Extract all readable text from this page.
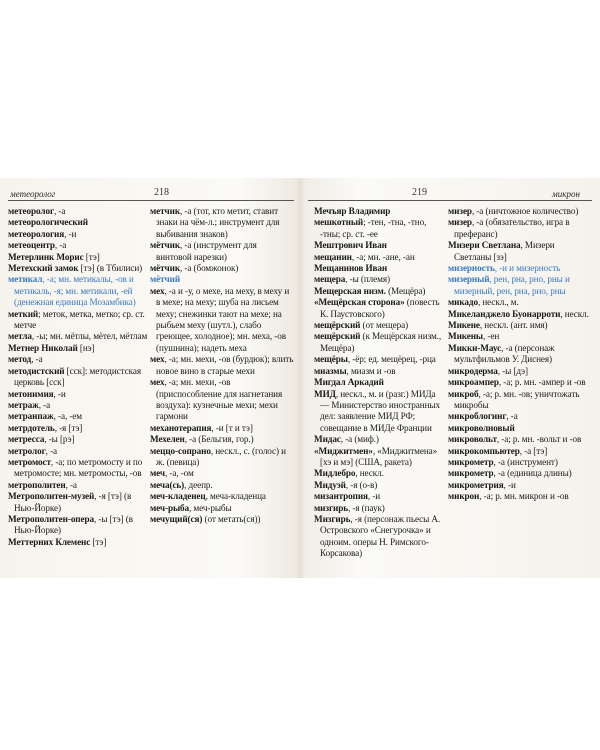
метеоролог	218

метеоролог, -а

метеорологический

метеорология, -и

метеоцентр, -а

Метерлинк Морис [тэ]

Метехский замок [тэ] (в Тбилиси)

метикал, -а; мн. метикалы, -ов и метикаль, -я; мн. метикали, -ей (денежная единица Мозамбика)

меткий; меток, метка, метко; ср. ст. метче

метла, -ы; мн. мётлы, мётел, мётлам

Метнер Николай [нэ]

метод, -а

методистский [сск]: методистская церковь [сск]

метонимия, -и

метраж, -а

метранпаж, -а, -ем

метрдотель, -я [тэ]

метресса, -ы [рэ]

метролог, -а

метромост, -а; по метромосту и по метромосте; мн. метромосты, -ов

метрополитен, -а

Метрополитен-музей, -я [тэ] (в Нью-Йорке)

Метрополитен-опера, -ы [тэ] (в Нью-Йорке)

Меттерних Клеменс [тэ]

метчик, -а (тот, кто метит, ставит знаки на чём-л.; инструмент для выбивания знаков)

мётчик, -а (инструмент для винтовой нарезки)

мётчик, -а (бомжонок)

мётчий

мех, -а и -у, о мехе, на меху, в меху и в мехе; на меху; шуба на лисьем меху; снежинки тают на мехе; на рыбьем меху (шутл.), слабо греющее, холодное); мн. меха, -ов (пушнина); надеть меха

мех, -а; мн. мехи, -ов (бурдюк); влить новое вино в старые мехи

мех, -а; мн. мехи, -ов (приспособление для нагнетания воздуха): кузнечные мехи; мехи гармони

механотерапия, -и [т и тэ]

Мехелен, -а (Бельгия, гор.)

меццо-сопрано, нескл., с. (голос) и ж. (певица)

меч, -а, -ом

меча(сь), деепр.

меч-кладенец, меча-кладенца

меч-рыба, меч-рыбы

мечущий(ся) (от метать(ся))

219	микрон

Мечъяр Владимир

мешкотный; -тен, -тна, -тно, -тны; ср. ст. -ее

Мештрович Иван

мещанин, -а; мн. -ане, -ан

Мещанинов Иван

мещера, -ы (племя)

Мещерская низм. (Мещёра)

«Мещёрская сторона» (повесть К. Паустовского)

мещёрский (от мещера)

мещёрский (к Мещёрская низм., Мещёра)

мещёры, -ёр; ед. мещёрец, -рца

миазмы, миазм и -ов

Мигдал Аркадий

МИД, нескл., м. и (разг.) МИДа — Министерство иностранных дел: заявление МИД РФ; совещание в МИДе Франции

Мидас, -а (миф.)

«Миджитмен», «Миджитмена» [хэ и мэ] (США, ракета)

Мидлебро, нескл.

Мидуэй, -я (о-в)

мизантропия, -и

мизгирь, -я (паук)

Мизгирь, -я (персонаж пьесы А. Островского «Снегурочка» и одноим. оперы Н. Римского-Корсакова)

мизер, -а (ничтожное количество)

мизер, -а (обязательство, игра в преферанс)

Мизери Светлана, Мизери Светланы [зэ]

мизерность, -и и мизерность

мизерный, рен, рна, рно, рны и мизерный, рен, рна, рно, рны

микадо, нескл., м.

Микеланджело Буонарроти, нескл.

Микене, нескл. (ант. имя)

Микены, -ен

Микки-Маус, -а (персонаж мультфильмов У. Диснея)

микродерма, -ы [дэ]

микроампер, -а; р. мн. -ампер и -ов

микроб, -а; р. мн. -ов; уничтожать микробы

микроблогинг, -а

микроволновый

микровольт, -а; р. мн. -вольт и -ов

микрокомпьютер, -а [тэ]

микрометр, -а (инструмент)

микрометр, -а (единица длины)

микрометрия, -и

микрон, -а; р. мн. микрон и -ов
